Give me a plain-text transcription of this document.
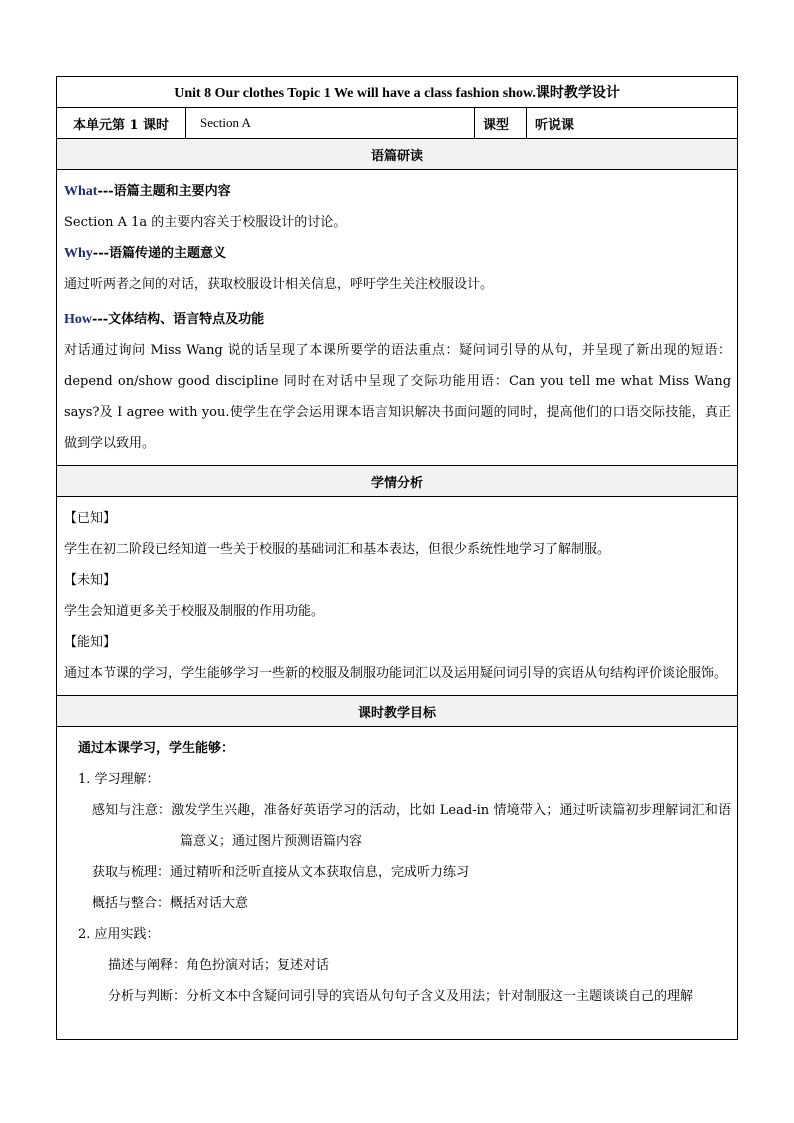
Unit 8 Our clothes Topic 1 We will have a class fashion show.课时教学设计
本单元第 1 课时	Section A	课型	听说课
语篇研读

What---语篇主题和主要内容
Section A 1a 的主要内容关于校服设计的讨论。
Why---语篇传递的主题意义
通过听两者之间的对话，获取校服设计相关信息，呼吁学生关注校服设计。
How---文体结构、语言特点及功能
对话通过询问 Miss Wang 说的话呈现了本课所要学的语法重点：疑问词引导的从句，并呈现了新出现的短语：depend on/show good discipline 同时在对话中呈现了交际功能用语：Can you tell me what Miss Wang says?及 I agree with you.使学生在学会运用课本语言知识解决书面问题的同时，提高他们的口语交际技能，真正做到学以致用。

学情分析

【已知】
学生在初二阶段已经知道一些关于校服的基础词汇和基本表达，但很少系统性地学习了解制服。
【未知】
学生会知道更多关于校服及制服的作用功能。
【能知】
通过本节课的学习，学生能够学习一些新的校服及制服功能词汇以及运用疑问词引导的宾语从句结构评价谈论服饰。

课时教学目标

通过本课学习，学生能够：
1. 学习理解：
感知与注意：激发学生兴趣，准备好英语学习的活动，比如 Lead-in 情境带入；通过听读篇初步理解词汇和语篇意义；通过图片预测语篇内容
获取与梳理：通过精听和泛听直接从文本获取信息，完成听力练习
概括与整合：概括对话大意
2. 应用实践：
描述与阐释：角色扮演对话；复述对话
分析与判断：分析文本中含疑问词引导的宾语从句句子含义及用法；针对制服这一主题谈谈自己的理解
